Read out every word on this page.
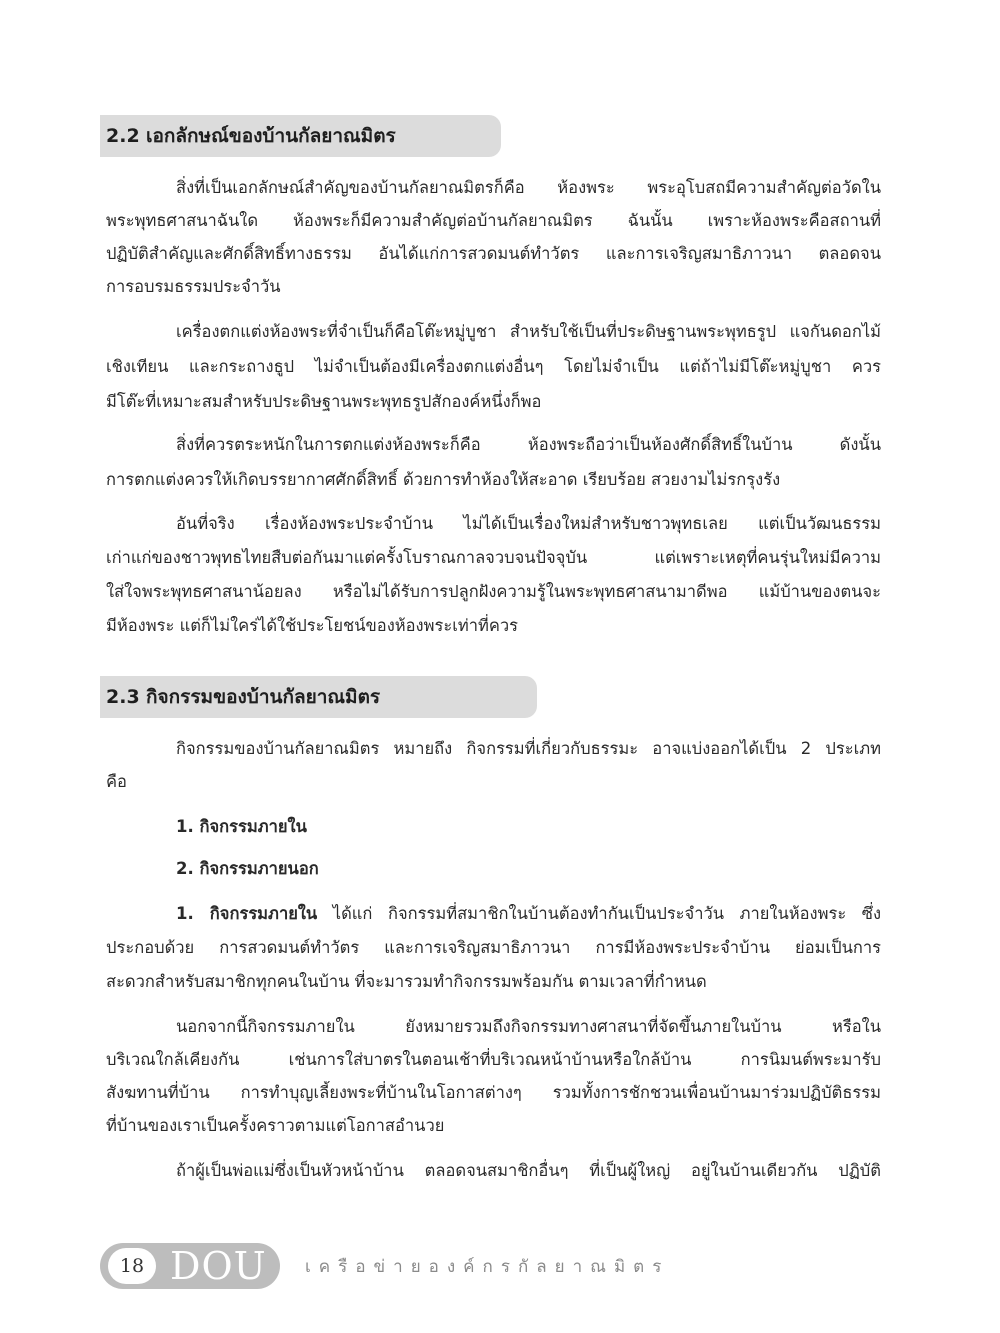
2.2 เอกลักษณ์ของบ้านกัลยาณมิตร
สิ่งที่เป็นเอกลักษณ์สำคัญของบ้านกัลยาณมิตรก็คือ ห้องพระ พระอุโบสถมีความสำคัญต่อวัดใน
พระพุทธศาสนาฉันใด ห้องพระก็มีความสำคัญต่อบ้านกัลยาณมิตร ฉันนั้น เพราะห้องพระคือสถานที่
ปฏิบัติสำคัญและศักดิ์สิทธิ์ทางธรรม อันได้แก่การสวดมนต์ทำวัตร และการเจริญสมาธิภาวนา ตลอดจน
การอบรมธรรมประจำวัน
เครื่องตกแต่งห้องพระที่จำเป็นก็คือโต๊ะหมู่บูชา สำหรับใช้เป็นที่ประดิษฐานพระพุทธรูป แจกันดอกไม้
เชิงเทียน และกระถางธูป ไม่จำเป็นต้องมีเครื่องตกแต่งอื่นๆ โดยไม่จำเป็น แต่ถ้าไม่มีโต๊ะหมู่บูชา ควร
มีโต๊ะที่เหมาะสมสำหรับประดิษฐานพระพุทธรูปสักองค์หนึ่งก็พอ
สิ่งที่ควรตระหนักในการตกแต่งห้องพระก็คือ ห้องพระถือว่าเป็นห้องศักดิ์สิทธิ์ในบ้าน ดังนั้น
การตกแต่งควรให้เกิดบรรยากาศศักดิ์สิทธิ์ ด้วยการทำห้องให้สะอาด เรียบร้อย สวยงามไม่รกรุงรัง
อันที่จริง เรื่องห้องพระประจำบ้าน ไม่ได้เป็นเรื่องใหม่สำหรับชาวพุทธเลย แต่เป็นวัฒนธรรม
เก่าแก่ของชาวพุทธไทยสืบต่อกันมาแต่ครั้งโบราณกาลจวบจนปัจจุบัน แต่เพราะเหตุที่คนรุ่นใหม่มีความ
ใส่ใจพระพุทธศาสนาน้อยลง หรือไม่ได้รับการปลูกฝังความรู้ในพระพุทธศาสนามาดีพอ แม้บ้านของตนจะ
มีห้องพระ แต่ก็ไม่ใคร่ได้ใช้ประโยชน์ของห้องพระเท่าที่ควร
2.3 กิจกรรมของบ้านกัลยาณมิตร
กิจกรรมของบ้านกัลยาณมิตร หมายถึง กิจกรรมที่เกี่ยวกับธรรมะ อาจแบ่งออกได้เป็น 2 ประเภท
คือ
1. กิจกรรมภายใน
2. กิจกรรมภายนอก
1. กิจกรรมภายใน ได้แก่ กิจกรรมที่สมาชิกในบ้านต้องทำกันเป็นประจำวัน ภายในห้องพระ ซึ่ง
ประกอบด้วย การสวดมนต์ทำวัตร และการเจริญสมาธิภาวนา การมีห้องพระประจำบ้าน ย่อมเป็นการ
สะดวกสำหรับสมาชิกทุกคนในบ้าน ที่จะมารวมทำกิจกรรมพร้อมกัน ตามเวลาที่กำหนด
นอกจากนี้กิจกรรมภายใน ยังหมายรวมถึงกิจกรรมทางศาสนาที่จัดขึ้นภายในบ้าน หรือใน
บริเวณใกล้เคียงกัน เช่นการใส่บาตรในตอนเช้าที่บริเวณหน้าบ้านหรือใกล้บ้าน การนิมนต์พระมารับ
สังฆทานที่บ้าน การทำบุญเลี้ยงพระที่บ้านในโอกาสต่างๆ รวมทั้งการชักชวนเพื่อนบ้านมาร่วมปฏิบัติธรรม
ที่บ้านของเราเป็นครั้งคราวตามแต่โอกาสอำนวย
ถ้าผู้เป็นพ่อแม่ซึ่งเป็นหัวหน้าบ้าน ตลอดจนสมาชิกอื่นๆ ที่เป็นผู้ใหญ่ อยู่ในบ้านเดียวกัน ปฏิบัติ
18 DOU เครือข่ายองค์กรกัลยาณมิตร
